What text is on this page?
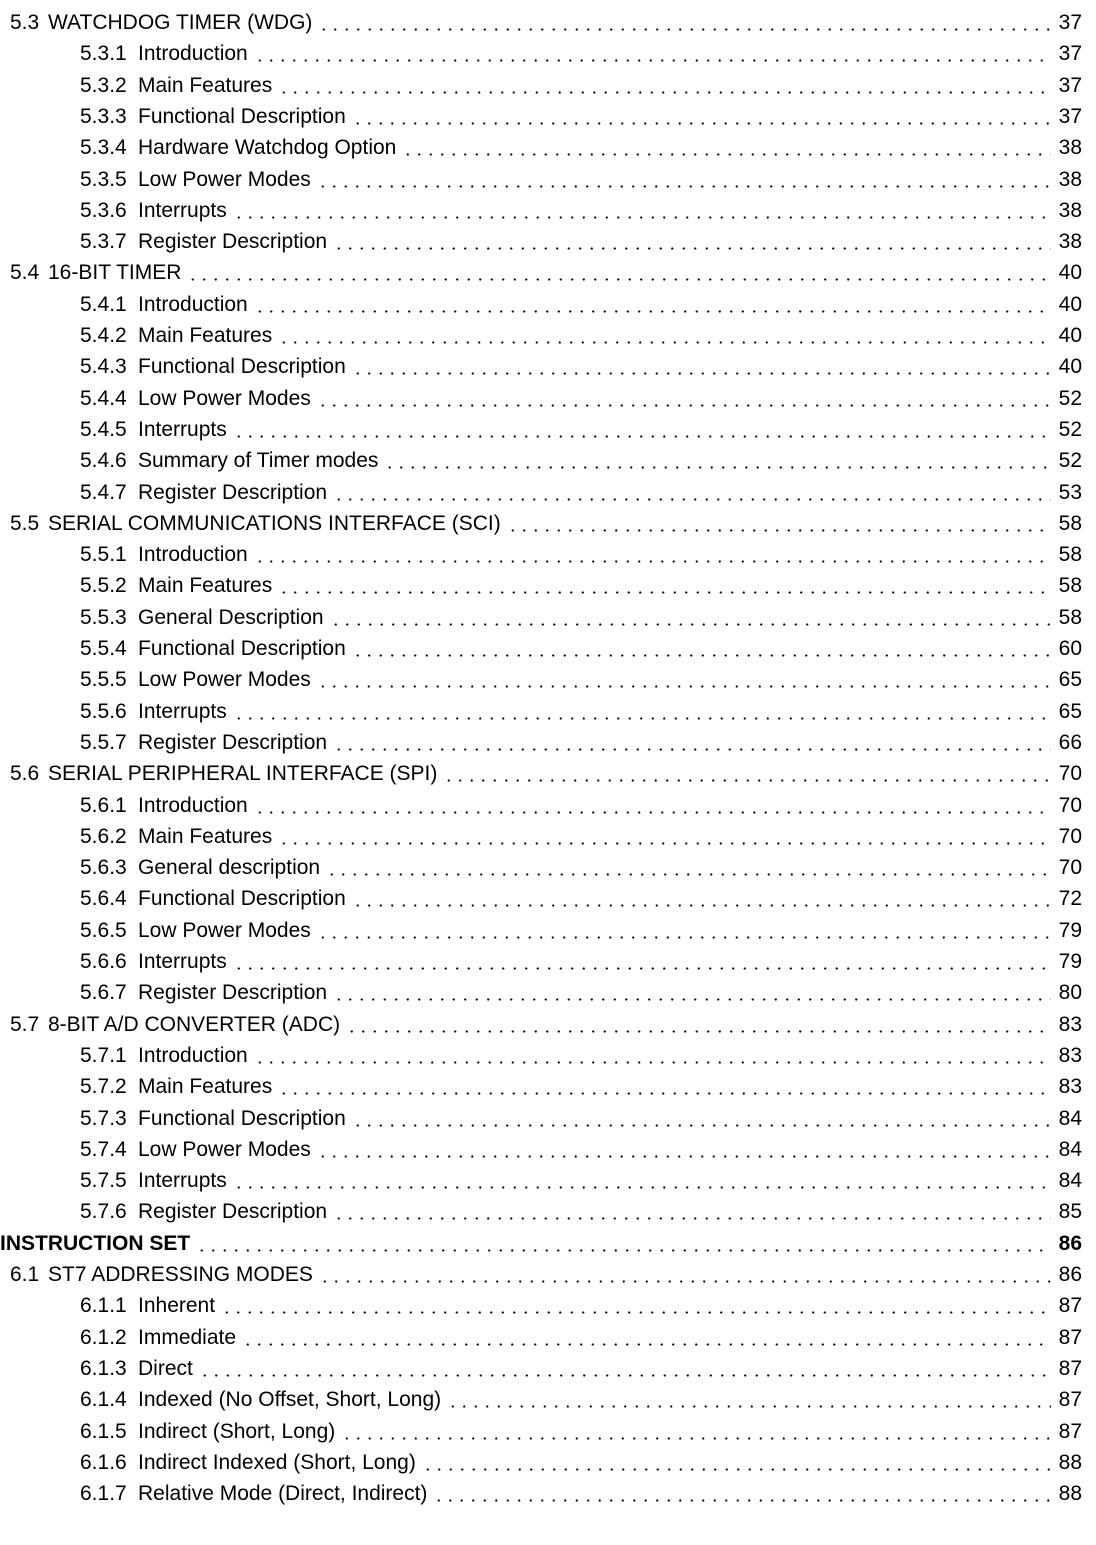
5.3 WATCHDOG TIMER (WDG)	37
5.3.1 Introduction	37
5.3.2 Main Features	37
5.3.3 Functional Description	37
5.3.4 Hardware Watchdog Option	38
5.3.5 Low Power Modes	38
5.3.6 Interrupts	38
5.3.7 Register Description	38
5.4 16-BIT TIMER	40
5.4.1 Introduction	40
5.4.2 Main Features	40
5.4.3 Functional Description	40
5.4.4 Low Power Modes	52
5.4.5 Interrupts	52
5.4.6 Summary of Timer modes	52
5.4.7 Register Description	53
5.5 SERIAL COMMUNICATIONS INTERFACE (SCI)	58
5.5.1 Introduction	58
5.5.2 Main Features	58
5.5.3 General Description	58
5.5.4 Functional Description	60
5.5.5 Low Power Modes	65
5.5.6 Interrupts	65
5.5.7 Register Description	66
5.6 SERIAL PERIPHERAL INTERFACE (SPI)	70
5.6.1 Introduction	70
5.6.2 Main Features	70
5.6.3 General description	70
5.6.4 Functional Description	72
5.6.5 Low Power Modes	79
5.6.6 Interrupts	79
5.6.7 Register Description	80
5.7 8-BIT A/D CONVERTER (ADC)	83
5.7.1 Introduction	83
5.7.2 Main Features	83
5.7.3 Functional Description	84
5.7.4 Low Power Modes	84
5.7.5 Interrupts	84
5.7.6 Register Description	85
INSTRUCTION SET	86
6.1 ST7 ADDRESSING MODES	86
6.1.1 Inherent	87
6.1.2 Immediate	87
6.1.3 Direct	87
6.1.4 Indexed (No Offset, Short, Long)	87
6.1.5 Indirect (Short, Long)	87
6.1.6 Indirect Indexed (Short, Long)	88
6.1.7 Relative Mode (Direct, Indirect)	88
